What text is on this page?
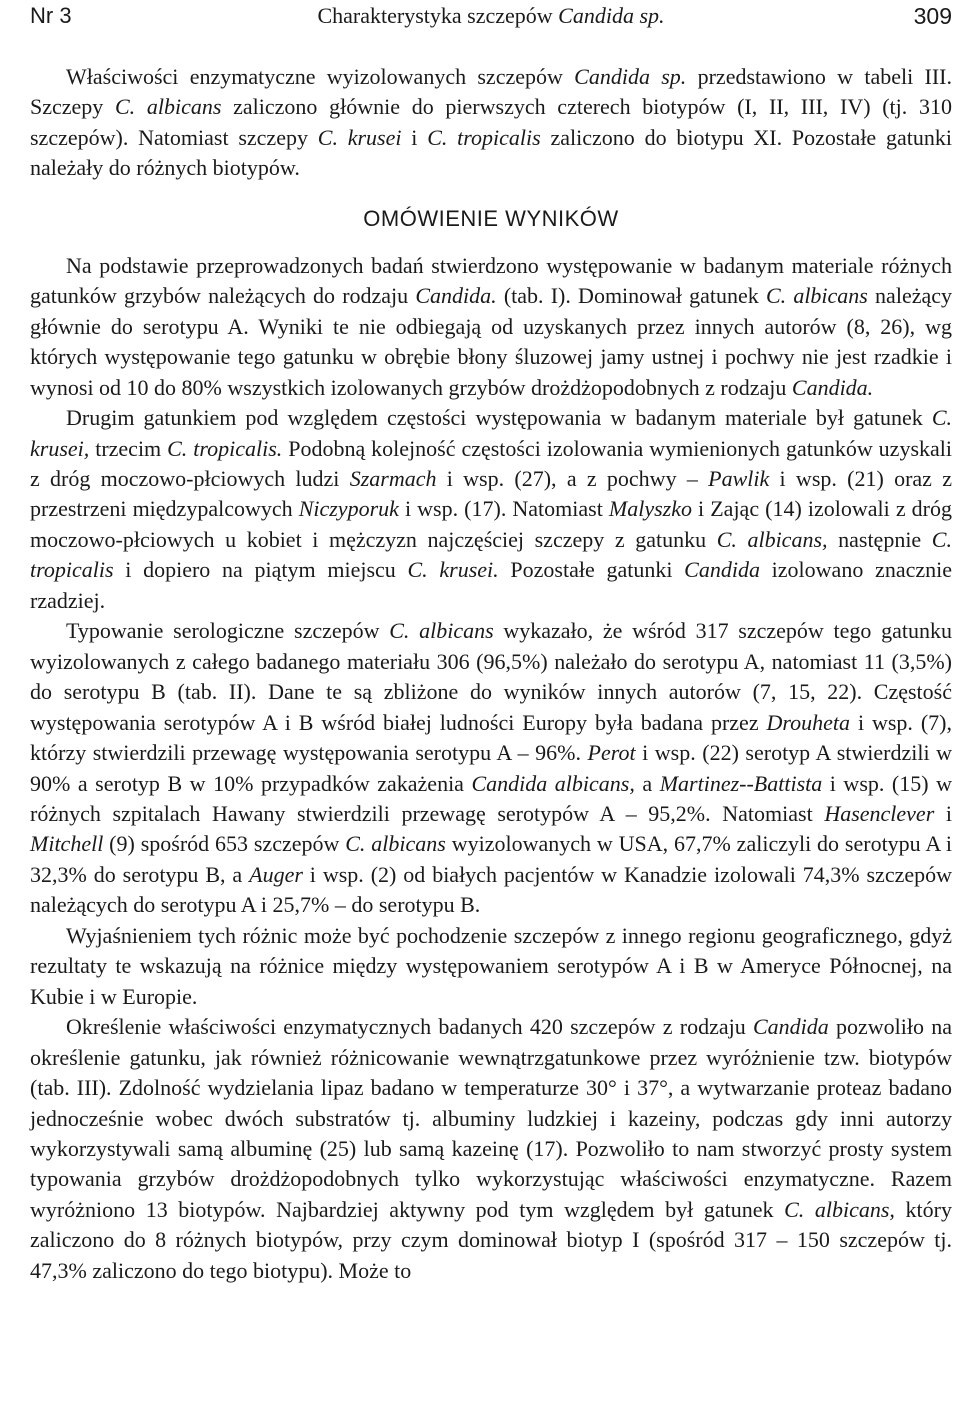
Nr 3	Charakterystyka szczepów Candida sp.	309

Właściwości enzymatyczne wyizolowanych szczepów Candida sp. przedstawiono w tabeli III. Szczepy C. albicans zaliczono głównie do pierwszych czterech biotypów (I, II, III, IV) (tj. 310 szczepów). Natomiast szczepy C. krusei i C. tropicalis zaliczono do biotypu XI. Pozostałe gatunki należały do różnych biotypów.

OMÓWIENIE WYNIKÓW

Na podstawie przeprowadzonych badań stwierdzono występowanie w badanym materiale różnych gatunków grzybów należących do rodzaju Candida. (tab. I). Dominował gatunek C. albicans należący głównie do serotypu A. Wyniki te nie odbiegają od uzyskanych przez innych autorów (8, 26), wg których występowanie tego gatunku w obrębie błony śluzowej jamy ustnej i pochwy nie jest rzadkie i wynosi od 10 do 80% wszystkich izolowanych grzybów drożdżopodobnych z rodzaju Candida.

Drugim gatunkiem pod względem częstości występowania w badanym materiale był gatunek C. krusei, trzecim C. tropicalis. Podobną kolejność częstości izolowania wymienionych gatunków uzyskali z dróg moczowo-płciowych ludzi Szarmach i wsp. (27), a z pochwy – Pawlik i wsp. (21) oraz z przestrzeni międzypalcowych Niczyporuk i wsp. (17). Natomiast Malyszko i Zając (14) izolowali z dróg moczowo-płciowych u kobiet i mężczyzn najczęściej szczepy z gatunku C. albicans, następnie C. tropicalis i dopiero na piątym miejscu C. krusei. Pozostałe gatunki Candida izolowano znacznie rzadziej.

Typowanie serologiczne szczepów C. albicans wykazało, że wśród 317 szczepów tego gatunku wyizolowanych z całego badanego materiału 306 (96,5%) należało do serotypu A, natomiast 11 (3,5%) do serotypu B (tab. II). Dane te są zbliżone do wyników innych autorów (7, 15, 22). Częstość występowania serotypów A i B wśród białej ludności Europy była badana przez Drouheta i wsp. (7), którzy stwierdzili przewagę występowania serotypu A – 96%. Perot i wsp. (22) serotyp A stwierdzili w 90% a serotyp B w 10% przypadków zakażenia Candida albicans, a Martinez--Battista i wsp. (15) w różnych szpitalach Hawany stwierdzili przewagę serotypów A – 95,2%. Natomiast Hasenclever i Mitchell (9) spośród 653 szczepów C. albicans wyizolowanych w USA, 67,7% zaliczyli do serotypu A i 32,3% do serotypu B, a Auger i wsp. (2) od białych pacjentów w Kanadzie izolowali 74,3% szczepów należących do serotypu A i 25,7% – do serotypu B.

Wyjaśnieniem tych różnic może być pochodzenie szczepów z innego regionu geograficznego, gdyż rezultaty te wskazują na różnice między występowaniem serotypów A i B w Ameryce Północnej, na Kubie i w Europie.

Określenie właściwości enzymatycznych badanych 420 szczepów z rodzaju Candida pozwoliło na określenie gatunku, jak również różnicowanie wewnątrzgatunkowe przez wyróżnienie tzw. biotypów (tab. III). Zdolność wydzielania lipaz badano w temperaturze 30° i 37°, a wytwarzanie proteaz badano jednocześnie wobec dwóch substratów tj. albuminy ludzkiej i kazeiny, podczas gdy inni autorzy wykorzystywali samą albuminę (25) lub samą kazeinę (17). Pozwoliło to nam stworzyć prosty system typowania grzybów drożdżopodobnych tylko wykorzystując właściwości enzymatyczne. Razem wyróżniono 13 biotypów. Najbardziej aktywny pod tym względem był gatunek C. albicans, który zaliczono do 8 różnych biotypów, przy czym dominował biotyp I (spośród 317 – 150 szczepów tj. 47,3% zaliczono do tego biotypu). Może to
